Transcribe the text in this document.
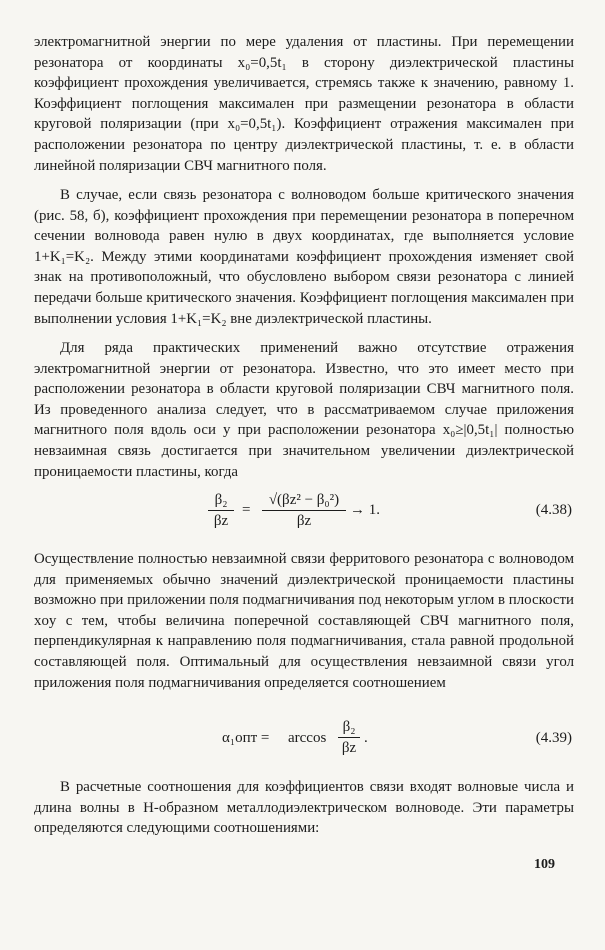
электромагнитной энергии по мере удаления от пластины. При перемещении резонатора от координаты x₀=0,5t₁ в сторону диэлектрической пластины коэффициент прохождения увеличивается, стремясь также к значению, равному 1. Коэффициент поглощения максимален при размещении резонатора в области круговой поляризации (при x₀=0,5t₁). Коэффициент отражения максимален при расположении резонатора по центру диэлектрической пластины, т. е. в области линейной поляризации СВЧ магнитного поля.

В случае, если связь резонатора с волноводом больше критического значения (рис. 58, б), коэффициент прохождения при перемещении резонатора в поперечном сечении волновода равен нулю в двух координатах, где выполняется условие 1+K₁=K₂. Между этими координатами коэффициент прохождения изменяет свой знак на противоположный, что обусловлено выбором связи резонатора с линией передачи больше критического значения. Коэффициент поглощения максимален при выполнении условия 1+K₁=K₂ вне диэлектрической пластины.

Для ряда практических применений важно отсутствие отражения электромагнитной энергии от резонатора. Известно, что это имеет место при расположении резонатора в области круговой поляризации СВЧ магнитного поля. Из проведенного анализа следует, что в рассматриваемом случае приложения магнитного поля вдоль оси y при расположении резонатора x₀≥|0,5t₁| полностью невзаимная связь достигается при значительном увеличении диэлектрической проницаемости пластины, когда

β₂
βz
=
√(βz² − β₀²)
βz
→ 1.	(4.38)

Осуществление полностью невзаимной связи ферритового резонатора с волноводом для применяемых обычно значений диэлектрической проницаемости пластины возможно при приложении поля подмагничивания под некоторым углом в плоскости xoy с тем, чтобы величина поперечной составляющей СВЧ магнитного поля, перпендикулярная к направлению поля подмагничивания, стала равной продольной составляющей поля. Оптимальный для осуществления невзаимной связи угол приложения поля подмагничивания определяется соотношением

α₁опт = arccos
β₂
βz
.	(4.39)

В расчетные соотношения для коэффициентов связи входят волновые числа и длина волны в Н-образном металлодиэлектрическом волноводе. Эти параметры определяются следующими соотношениями:

109
